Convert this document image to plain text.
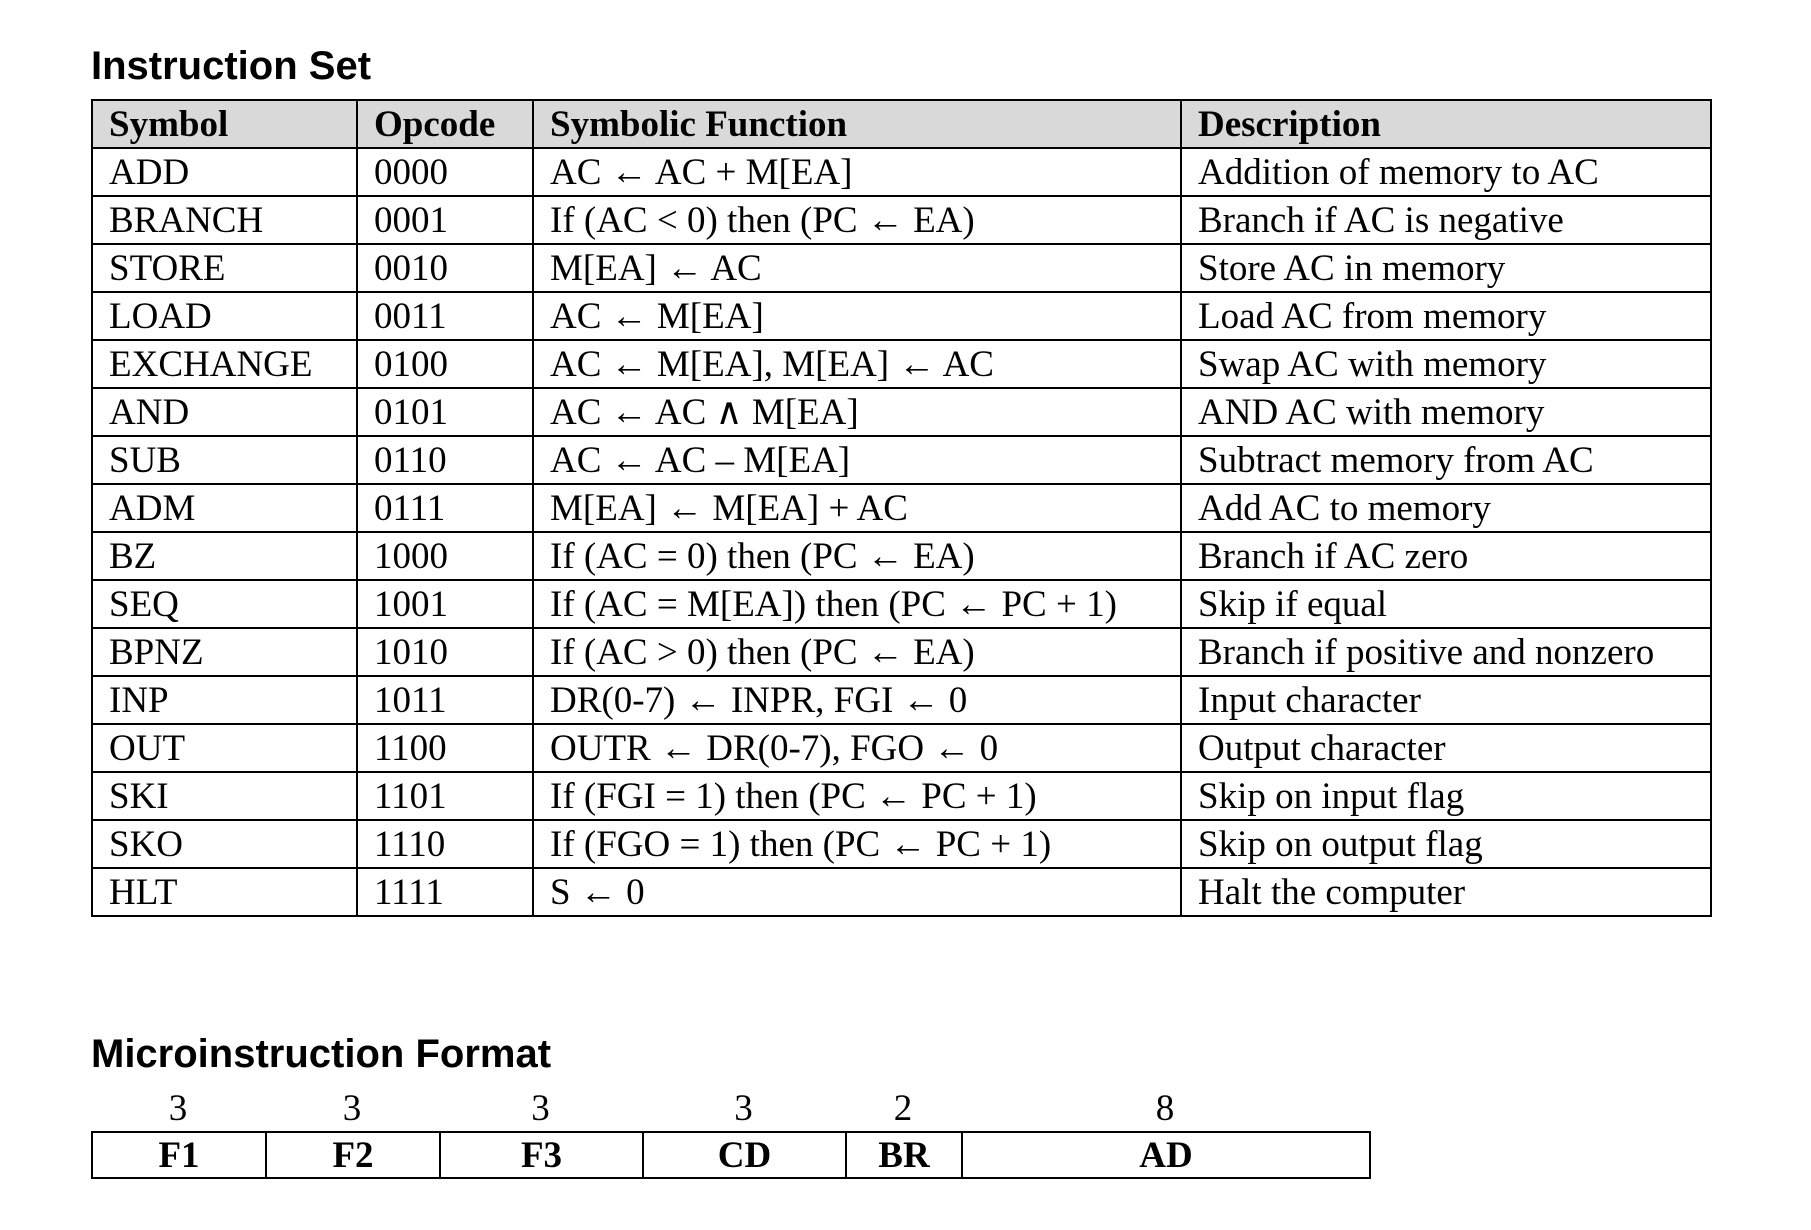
Instruction Set
Symbol	Opcode	Symbolic Function	Description
ADD	0000	AC ← AC + M[EA]	Addition of memory to AC
BRANCH	0001	If (AC < 0) then (PC ← EA)	Branch if AC is negative
STORE	0010	M[EA] ← AC	Store AC in memory
LOAD	0011	AC ← M[EA]	Load AC from memory
EXCHANGE	0100	AC ← M[EA], M[EA] ← AC	Swap AC with memory
AND	0101	AC ← AC ∧ M[EA]	AND AC with memory
SUB	0110	AC ← AC – M[EA]	Subtract memory from AC
ADM	0111	M[EA] ← M[EA] + AC	Add AC to memory
BZ	1000	If (AC = 0) then (PC ← EA)	Branch if AC zero
SEQ	1001	If (AC = M[EA]) then (PC ← PC + 1)	Skip if equal
BPNZ	1010	If (AC > 0) then (PC ← EA)	Branch if positive and nonzero
INP	1011	DR(0-7) ← INPR, FGI ← 0	Input character
OUT	1100	OUTR ← DR(0-7), FGO ← 0	Output character
SKI	1101	If (FGI = 1) then (PC ← PC + 1)	Skip on input flag
SKO	1110	If (FGO = 1) then (PC ← PC + 1)	Skip on output flag
HLT	1111	S ← 0	Halt the computer
Microinstruction Format
3	3	3	3	2	8
F1	F2	F3	CD	BR	AD
